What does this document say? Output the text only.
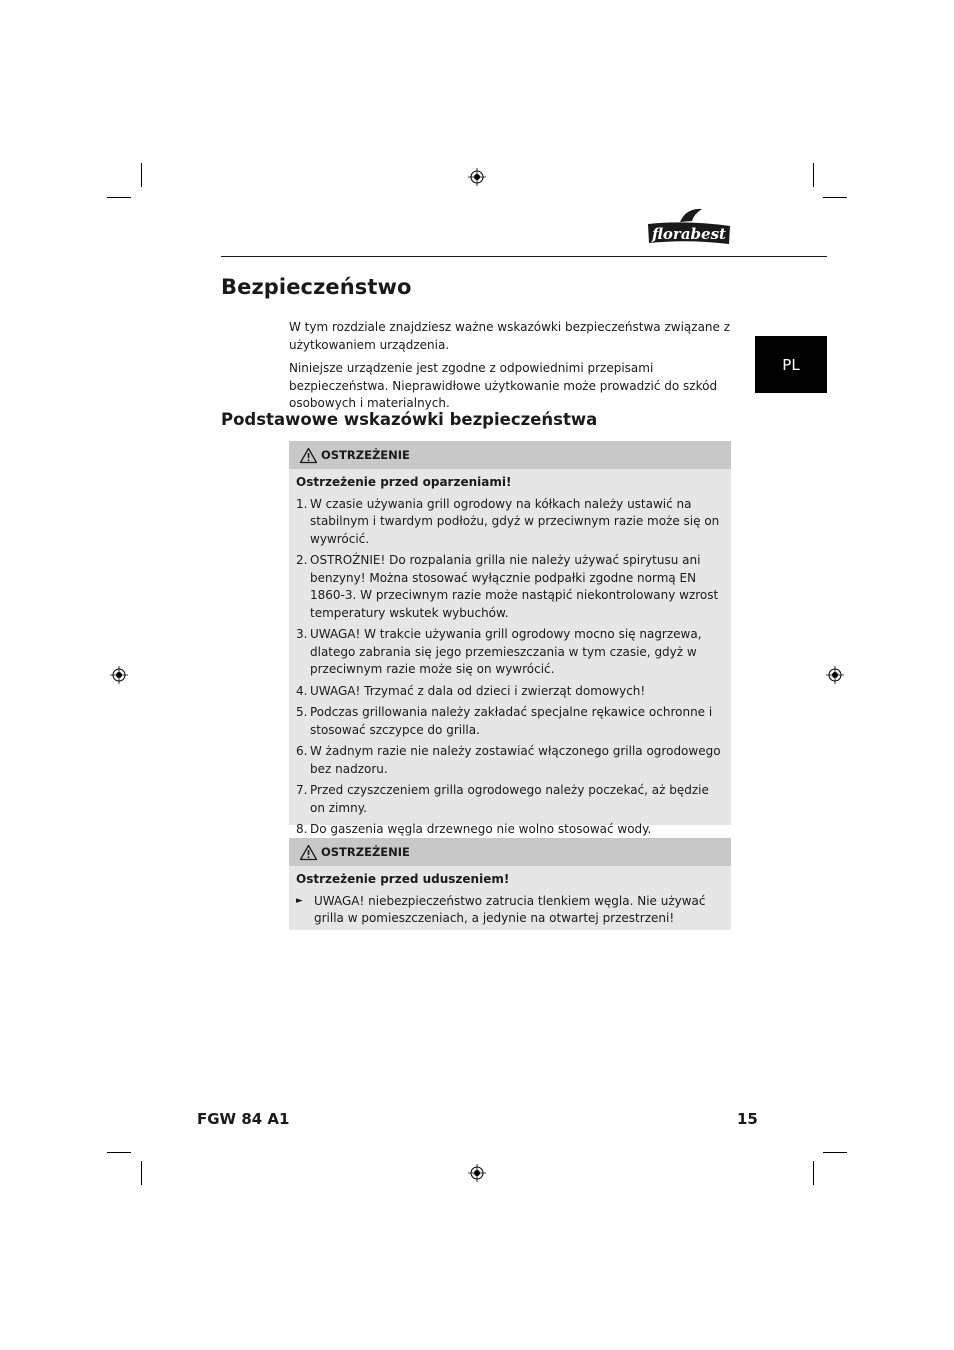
florabest
PL
Bezpieczeństwo

W tym rozdziale znajdziesz ważne wskazówki bezpieczeństwa związane z użytkowaniem urządzenia.

Niniejsze urządzenie jest zgodne z odpowiednimi przepisami bezpieczeństwa. Nieprawidłowe użytkowanie może prowadzić do szkód osobowych i materialnych.

Podstawowe wskazówki bezpieczeństwa
OSTRZEŻENIE
Ostrzeżenie przed oparzeniami!
1. W czasie używania grill ogrodowy na kółkach należy ustawić na stabilnym i twardym podłożu, gdyż w przeciwnym razie może się on wywrócić.
2. OSTROŻNIE! Do rozpalania grilla nie należy używać spirytusu ani benzyny! Można stosować wyłącznie podpałki zgodne normą EN 1860-3. W przeciwnym razie może nastąpić niekontrolowany wzrost temperatury wskutek wybuchów.
3. UWAGA! W trakcie używania grill ogrodowy mocno się nagrzewa, dlatego zabrania się jego przemieszczania w tym czasie, gdyż w przeciwnym razie może się on wywrócić.
4. UWAGA! Trzymać z dala od dzieci i zwierząt domowych!
5. Podczas grillowania należy zakładać specjalne rękawice ochronne i stosować szczypce do grilla.
6. W żadnym razie nie należy zostawiać włączonego grilla ogrodowego bez nadzoru.
7. Przed czyszczeniem grilla ogrodowego należy poczekać, aż będzie on zimny.
8. Do gaszenia węgla drzewnego nie wolno stosować wody.
OSTRZEŻENIE
Ostrzeżenie przed uduszeniem!
► UWAGA! niebezpieczeństwo zatrucia tlenkiem węgla. Nie używać grilla w pomieszczeniach, a jedynie na otwartej przestrzeni!
FGW 84 A1	15
